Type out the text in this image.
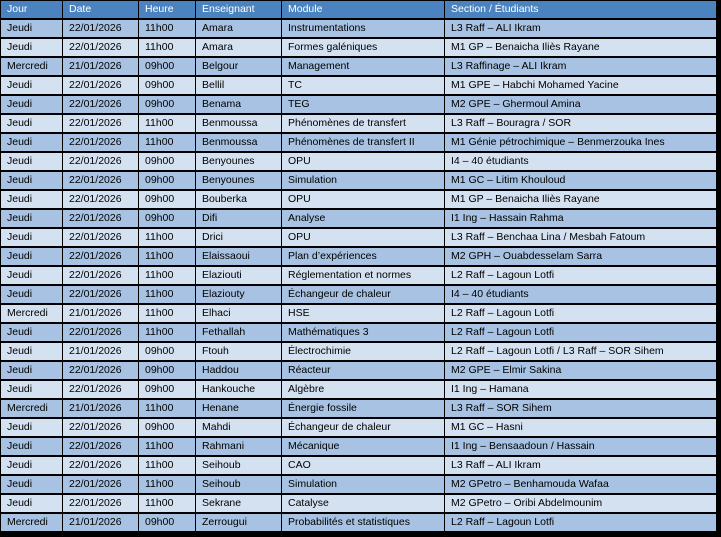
Jour	Date	Heure	Enseignant	Module	Section / Étudiants
Jeudi	22/01/2026	11h00	Amara	Instrumentations	L3 Raff – ALI Ikram
Jeudi	22/01/2026	11h00	Amara	Formes galéniques	M1 GP – Benaicha Iliès Rayane
Mercredi	21/01/2026	09h00	Belgour	Management	L3 Raffinage – ALI Ikram
Jeudi	22/01/2026	09h00	Bellil	TC	M1 GPE – Habchi Mohamed Yacine
Jeudi	22/01/2026	09h00	Benama	TEG	M2 GPE – Ghermoul Amina
Jeudi	22/01/2026	11h00	Benmoussa	Phénomènes de transfert	L3 Raff – Bouragra / SOR
Jeudi	22/01/2026	11h00	Benmoussa	Phénomènes de transfert II	M1 Génie pétrochimique – Benmerzouka Ines
Jeudi	22/01/2026	09h00	Benyounes	OPU	I4 – 40 étudiants
Jeudi	22/01/2026	09h00	Benyounes	Simulation	M1 GC – Litim Khouloud
Jeudi	22/01/2026	09h00	Bouberka	OPU	M1 GP – Benaicha Iliès Rayane
Jeudi	22/01/2026	09h00	Difi	Analyse	I1 Ing – Hassain Rahma
Jeudi	22/01/2026	11h00	Drici	OPU	L3 Raff – Benchaa Lina / Mesbah Fatoum
Jeudi	22/01/2026	11h00	Elaissaoui	Plan d’expériences	M2 GPH – Ouabdesselam Sarra
Jeudi	22/01/2026	11h00	Elaziouti	Réglementation et normes	L2 Raff – Lagoun Lotfi
Jeudi	22/01/2026	11h00	Elaziouty	Échangeur de chaleur	I4 – 40 étudiants
Mercredi	21/01/2026	11h00	Elhaci	HSE	L2 Raff – Lagoun Lotfi
Jeudi	22/01/2026	11h00	Fethallah	Mathématiques 3	L2 Raff – Lagoun Lotfi
Jeudi	21/01/2026	09h00	Ftouh	Électrochimie	L2 Raff – Lagoun Lotfi / L3 Raff – SOR Sihem
Jeudi	22/01/2026	09h00	Haddou	Réacteur	M2 GPE – Elmir Sakina
Jeudi	22/01/2026	09h00	Hankouche	Algèbre	I1 Ing – Hamana
Mercredi	21/01/2026	11h00	Henane	Énergie fossile	L3 Raff – SOR Sihem
Jeudi	22/01/2026	09h00	Mahdi	Échangeur de chaleur	M1 GC – Hasni
Jeudi	22/01/2026	11h00	Rahmani	Mécanique	I1 Ing – Bensaadoun / Hassain
Jeudi	22/01/2026	11h00	Seihoub	CAO	L3 Raff – ALI Ikram
Jeudi	22/01/2026	11h00	Seihoub	Simulation	M2 GPetro – Benhamouda Wafaa
Jeudi	22/01/2026	11h00	Sekrane	Catalyse	M2 GPetro – Oribi Abdelmounim
Mercredi	21/01/2026	09h00	Zerrougui	Probabilités et statistiques	L2 Raff – Lagoun Lotfi
